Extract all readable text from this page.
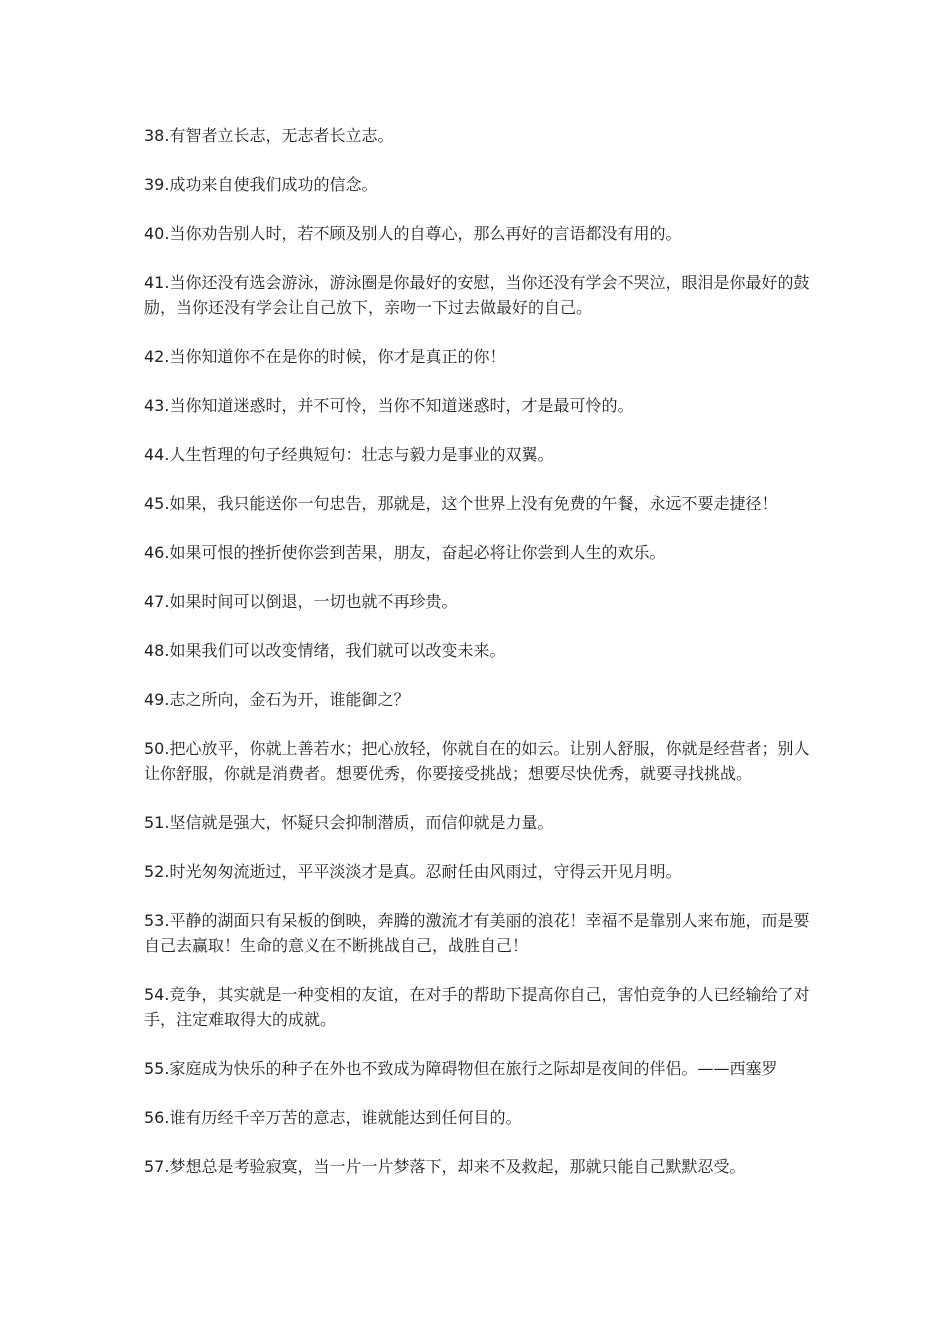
38.有智者立长志，无志者长立志。

39.成功来自使我们成功的信念。

40.当你劝告别人时，若不顾及别人的自尊心，那么再好的言语都没有用的。

41.当你还没有选会游泳，游泳圈是你最好的安慰，当你还没有学会不哭泣，眼泪是你最好的鼓励，当你还没有学会让自己放下，亲吻一下过去做最好的自己。

42.当你知道你不在是你的时候，你才是真正的你！

43.当你知道迷惑时，并不可怜，当你不知道迷惑时，才是最可怜的。

44.人生哲理的句子经典短句：壮志与毅力是事业的双翼。

45.如果，我只能送你一句忠告，那就是，这个世界上没有免费的午餐，永远不要走捷径！

46.如果可恨的挫折使你尝到苦果，朋友，奋起必将让你尝到人生的欢乐。

47.如果时间可以倒退，一切也就不再珍贵。

48.如果我们可以改变情绪，我们就可以改变未来。

49.志之所向，金石为开，谁能御之？

50.把心放平，你就上善若水；把心放轻，你就自在的如云。让别人舒服，你就是经营者；别人让你舒服，你就是消费者。想要优秀，你要接受挑战；想要尽快优秀，就要寻找挑战。

51.坚信就是强大，怀疑只会抑制潜质，而信仰就是力量。

52.时光匆匆流逝过，平平淡淡才是真。忍耐任由风雨过，守得云开见月明。

53.平静的湖面只有呆板的倒映，奔腾的激流才有美丽的浪花！幸福不是靠别人来布施，而是要自己去赢取！生命的意义在不断挑战自己，战胜自己！

54.竞争，其实就是一种变相的友谊，在对手的帮助下提高你自己，害怕竞争的人已经输给了对手，注定难取得大的成就。

55.家庭成为快乐的种子在外也不致成为障碍物但在旅行之际却是夜间的伴侣。——西塞罗

56.谁有历经千辛万苦的意志，谁就能达到任何目的。

57.梦想总是考验寂寞，当一片一片梦落下，却来不及救起，那就只能自己默默忍受。
